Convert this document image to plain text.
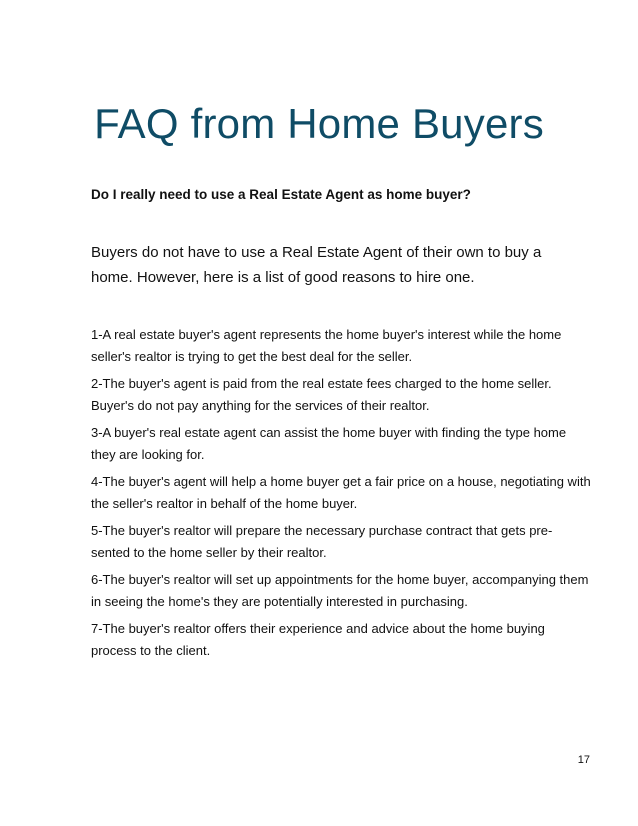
FAQ from Home Buyers

Do I really need to use a Real Estate Agent as home buyer?

Buyers do not have to use a Real Estate Agent of their own to buy a home. However, here is a list of good reasons to hire one.

1-A real estate buyer's agent represents the home buyer's interest while the home seller's realtor is trying to get the best deal for the seller.
2-The buyer's agent is paid from the real estate fees charged to the home seller. Buyer's do not pay anything for the services of their realtor.
3-A buyer's real estate agent can assist the home buyer with finding the type home they are looking for.
4-The buyer's agent will help a home buyer get a fair price on a house, negotiating with the seller's realtor in behalf of the home buyer.
5-The buyer's realtor will prepare the necessary purchase contract that gets pre-sented to the home seller by their realtor.
6-The buyer's realtor will set up appointments for the home buyer, accompanying them in seeing the home's they are potentially interested in purchasing.
7-The buyer's realtor offers their experience and advice about the home buying process to the client.
17
